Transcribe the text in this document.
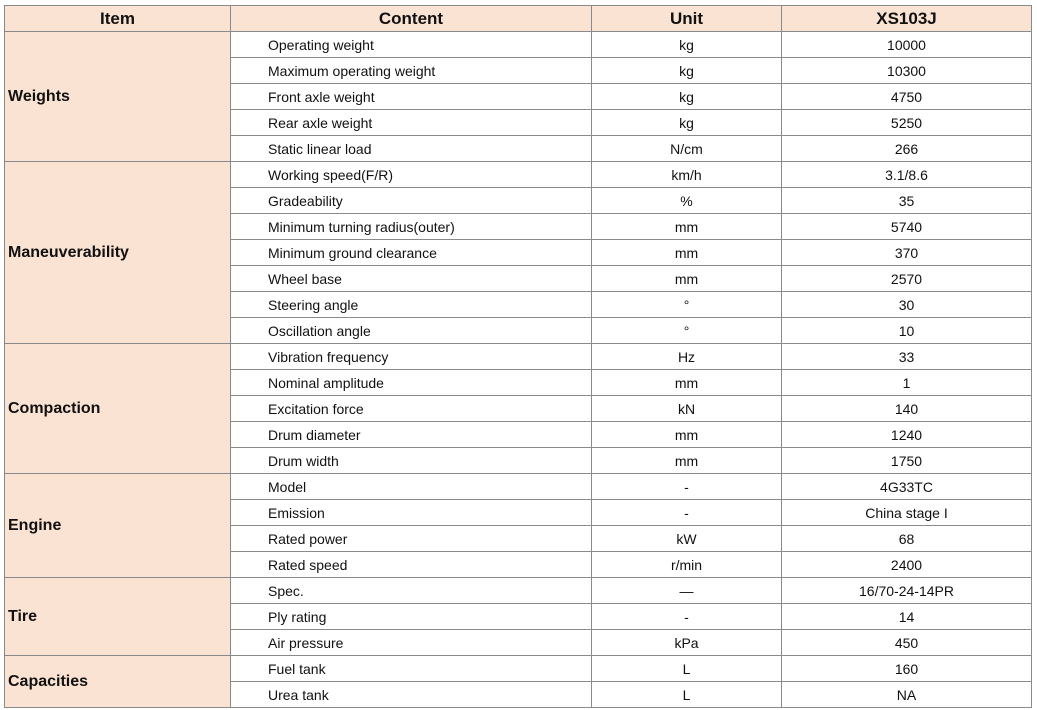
Item	Content	Unit	XS103J
Weights	Operating weight	kg	10000
	Maximum operating weight	kg	10300
	Front axle weight	kg	4750
	Rear axle weight	kg	5250
	Static linear load	N/cm	266
Maneuverability	Working speed(F/R)	km/h	3.1/8.6
	Gradeability	%	35
	Minimum turning radius(outer)	mm	5740
	Minimum ground clearance	mm	370
	Wheel base	mm	2570
	Steering angle	°	30
	Oscillation angle	°	10
Compaction	Vibration frequency	Hz	33
	Nominal amplitude	mm	1
	Excitation force	kN	140
	Drum diameter	mm	1240
	Drum width	mm	1750
Engine	Model	-	4G33TC
	Emission	-	China stage I
	Rated power	kW	68
	Rated speed	r/min	2400
Tire	Spec.	—	16/70-24-14PR
	Ply rating	-	14
	Air pressure	kPa	450
Capacities	Fuel tank	L	160
	Urea tank	L	NA
